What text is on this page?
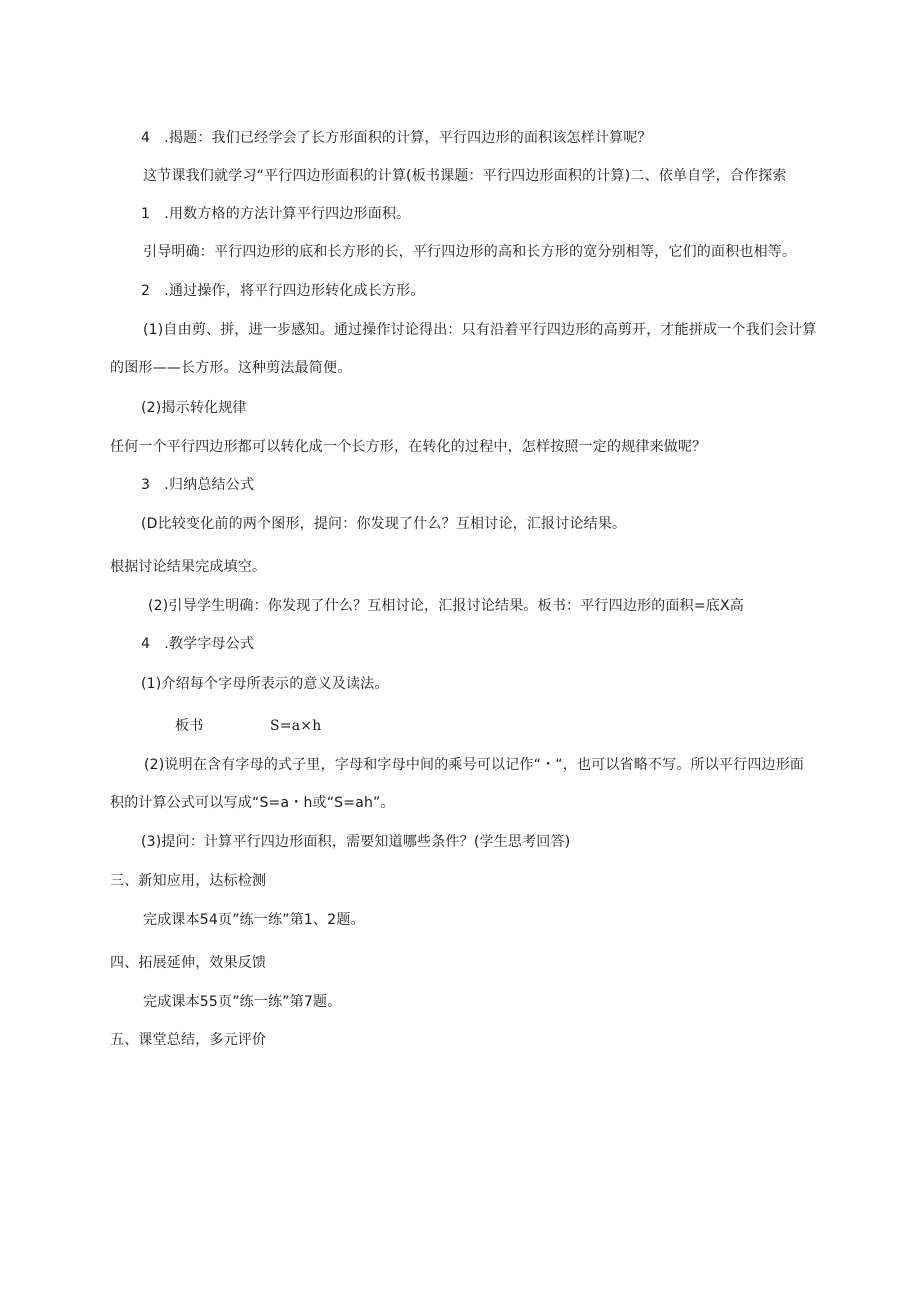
4　.揭题：我们已经学会了长方形面积的计算，平行四边形的面积该怎样计算呢？
这节课我们就学习“平行四边形面积的计算(板书课题：平行四边形面积的计算)二、依单自学，合作探索
1　.用数方格的方法计算平行四边形面积。
引导明确：平行四边形的底和长方形的长，平行四边形的高和长方形的宽分别相等，它们的面积也相等。
2　.通过操作，将平行四边形转化成长方形。
(1)自由剪、拼，进一步感知。通过操作讨论得出：只有沿着平行四边形的高剪开，才能拼成一个我们会计算
的图形——长方形。这种剪法最简便。
(2)揭示转化规律
任何一个平行四边形都可以转化成一个长方形，在转化的过程中，怎样按照一定的规律来做呢？
3　.归纳总结公式
(D比较变化前的两个图形，提问：你发现了什么？互相讨论，汇报讨论结果。
根据讨论结果完成填空。
(2)引导学生明确：你发现了什么？互相讨论，汇报讨论结果。板书：平行四边形的面积=底X高
4　.教学字母公式
(1)介绍每个字母所表示的意义及读法。
板书	S=a×h
(2)说明在含有字母的式子里，字母和字母中间的乘号可以记作“・“，也可以省略不写。所以平行四边形面
积的计算公式可以写成“S=a・h或“S=ah”。
(3)提问：计算平行四边形面积，需要知道哪些条件？(学生思考回答)
三、新知应用，达标检测
完成课本54页”练一练”第1、2题。
四、拓展延伸，效果反馈
完成课本55页”练一练”第7题。
五、课堂总结，多元评价
